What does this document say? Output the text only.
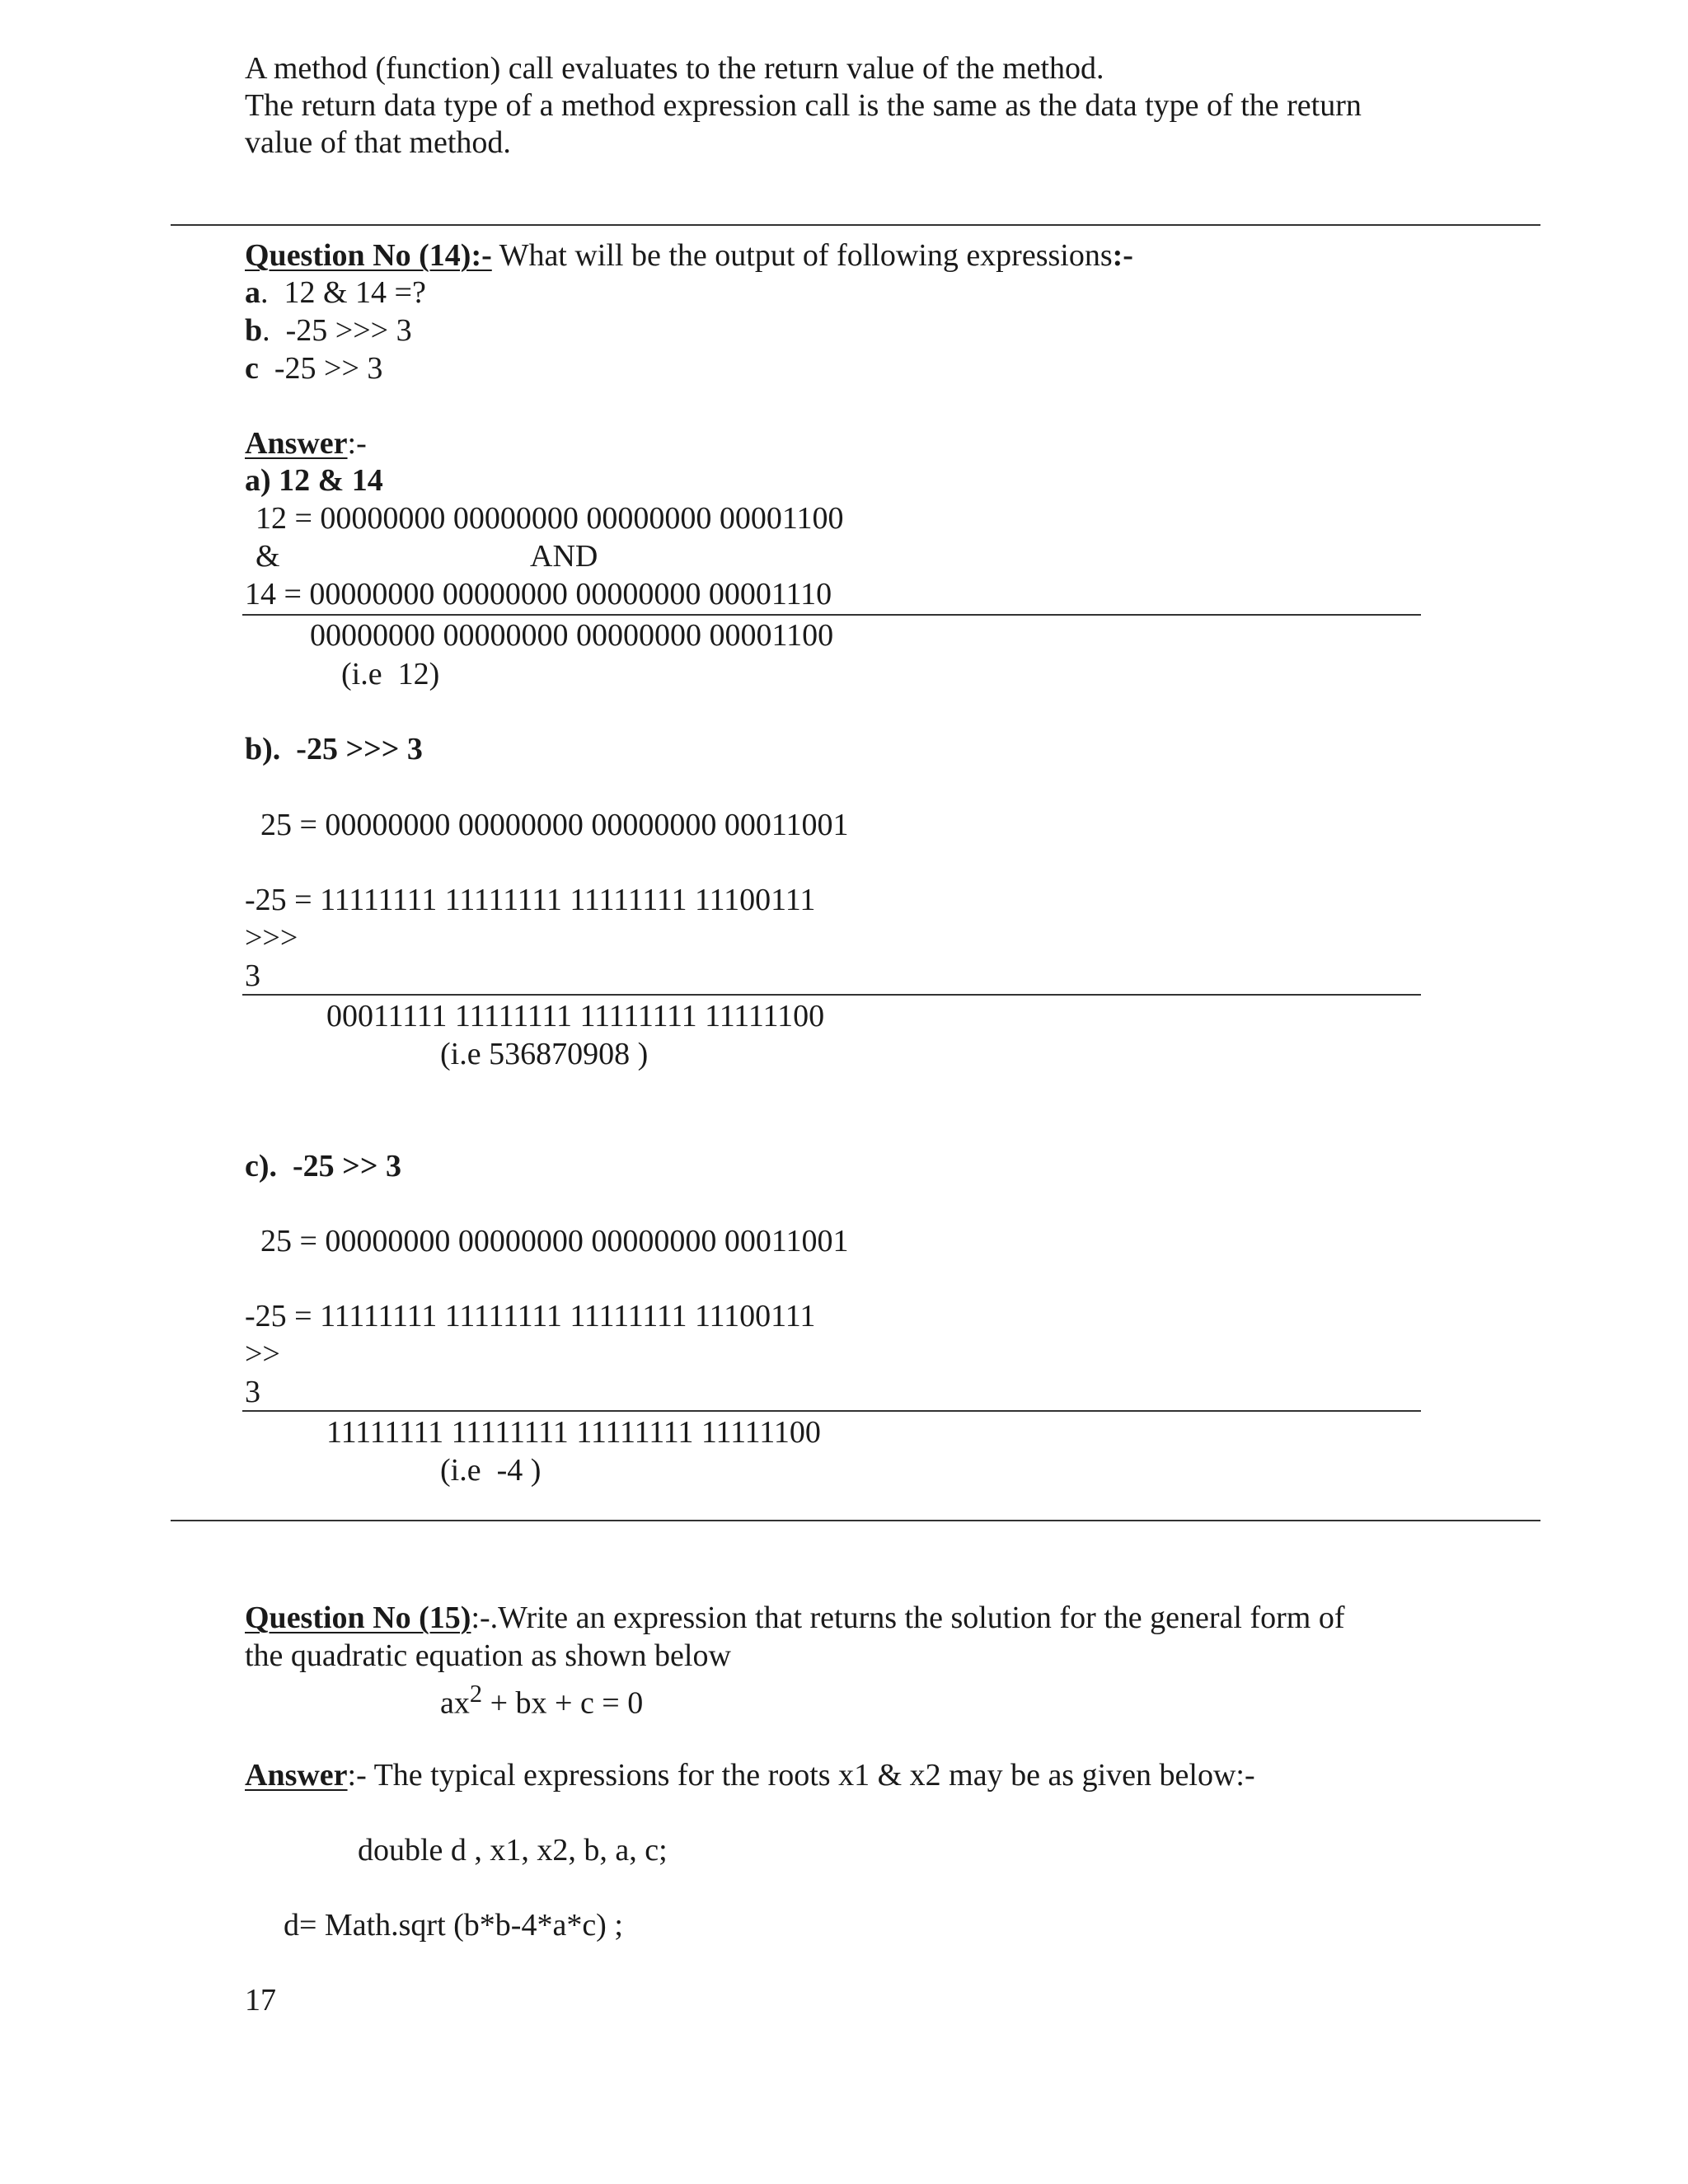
A method (function) call evaluates to the return value of the method.
The return data type of a method expression call is the same as the data type of the return
value of that method.
Question No (14):- What will be the output of following expressions:-
a.  12 & 14 =?
b.  -25 >>> 3
c  -25 >> 3
Answer:-
a) 12 & 14
12 = 00000000 00000000 00000000 00001100
&	AND
14 = 00000000 00000000 00000000 00001110
00000000 00000000 00000000 00001100
(i.e  12)
b).  -25 >>> 3
25 = 00000000 00000000 00000000 00011001
-25 = 11111111 11111111 11111111 11100111
>>>
3
00011111 11111111 11111111 11111100
(i.e 536870908 )
c).  -25 >> 3
25 = 00000000 00000000 00000000 00011001
-25 = 11111111 11111111 11111111 11100111
>>
3
11111111 11111111 11111111 11111100
(i.e  -4 )
Question No (15):-.Write an expression that returns the solution for the general form of
the quadratic equation as shown below
$ax^2$ + bx + c = 0
Answer:- The typical expressions for the roots x1 & x2 may be as given below:-
double d , x1, x2, b, a, c;
d= Math.sqrt (b*b-4*a*c) ;
17
